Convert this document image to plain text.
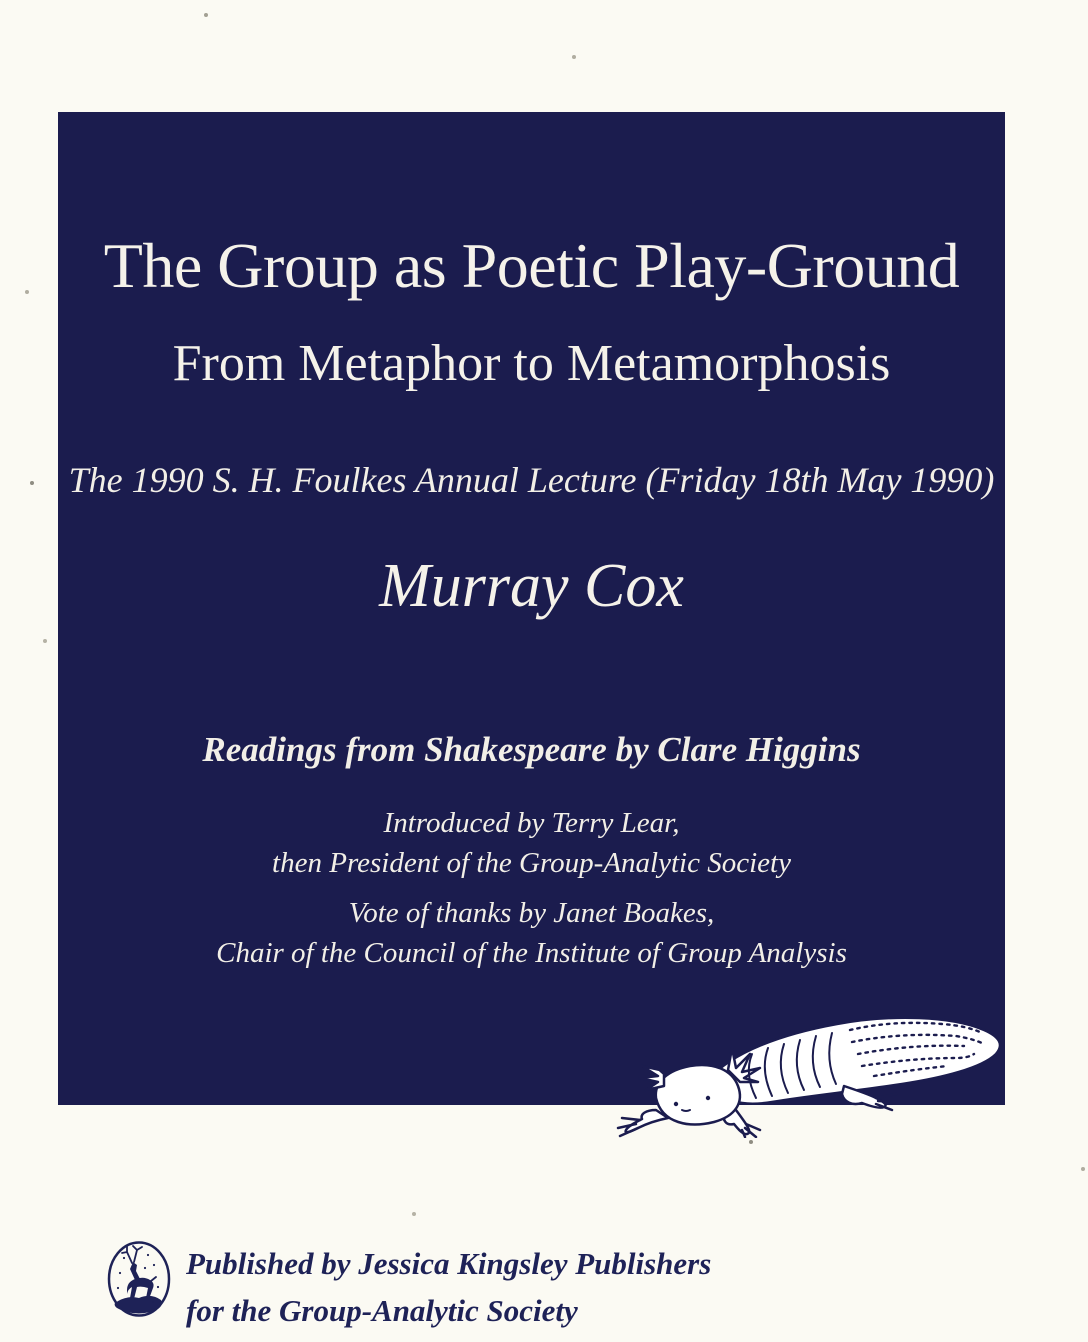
The Group as Poetic Play-Ground
From Metaphor to Metamorphosis
The 1990 S. H. Foulkes Annual Lecture (Friday 18th May 1990)
Murray Cox
Readings from Shakespeare by Clare Higgins
Introduced by Terry Lear,
then President of the Group-Analytic Society
Vote of thanks by Janet Boakes,
Chair of the Council of the Institute of Group Analysis
Published by Jessica Kingsley Publishers
for the Group-Analytic Society
